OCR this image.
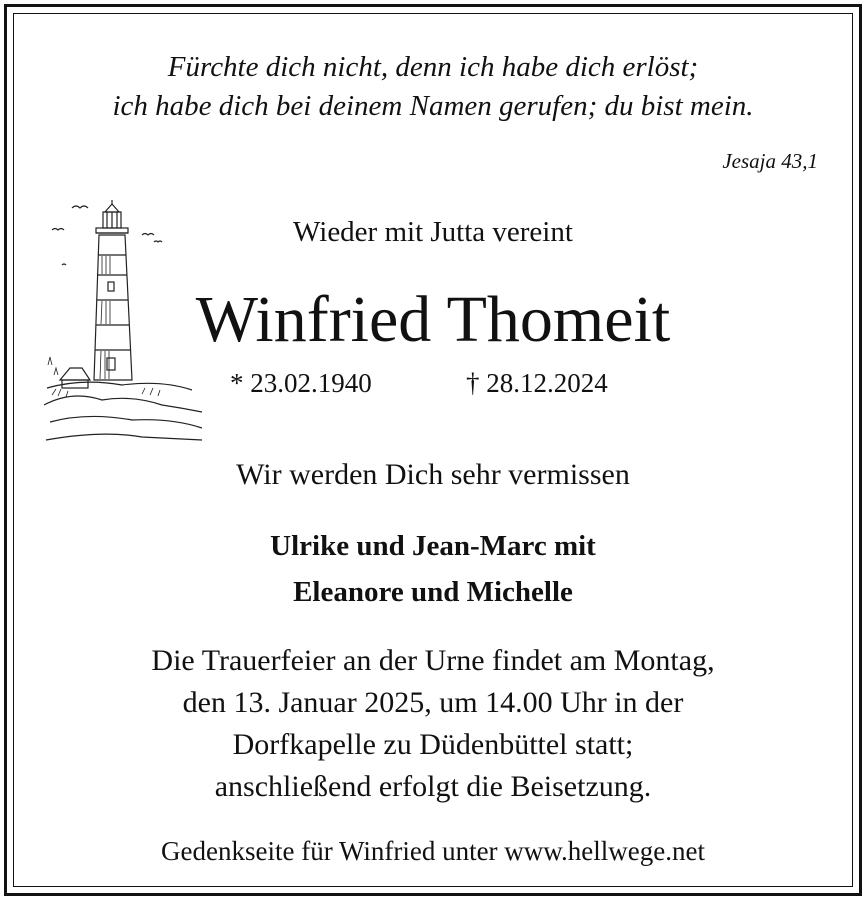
Fürchte dich nicht, denn ich habe dich erlöst;
ich habe dich bei deinem Namen gerufen; du bist mein.
Jesaja 43,1
Wieder mit Jutta vereint
Winfried Thomeit
* 23.02.1940	† 28.12.2024
Wir werden Dich sehr vermissen
Ulrike und Jean-Marc mit
Eleanore und Michelle
Die Trauerfeier an der Urne findet am Montag,
den 13. Januar 2025, um 14.00 Uhr in der
Dorfkapelle zu Düdenbüttel statt;
anschließend erfolgt die Beisetzung.
Gedenkseite für Winfried unter www.hellwege.net
